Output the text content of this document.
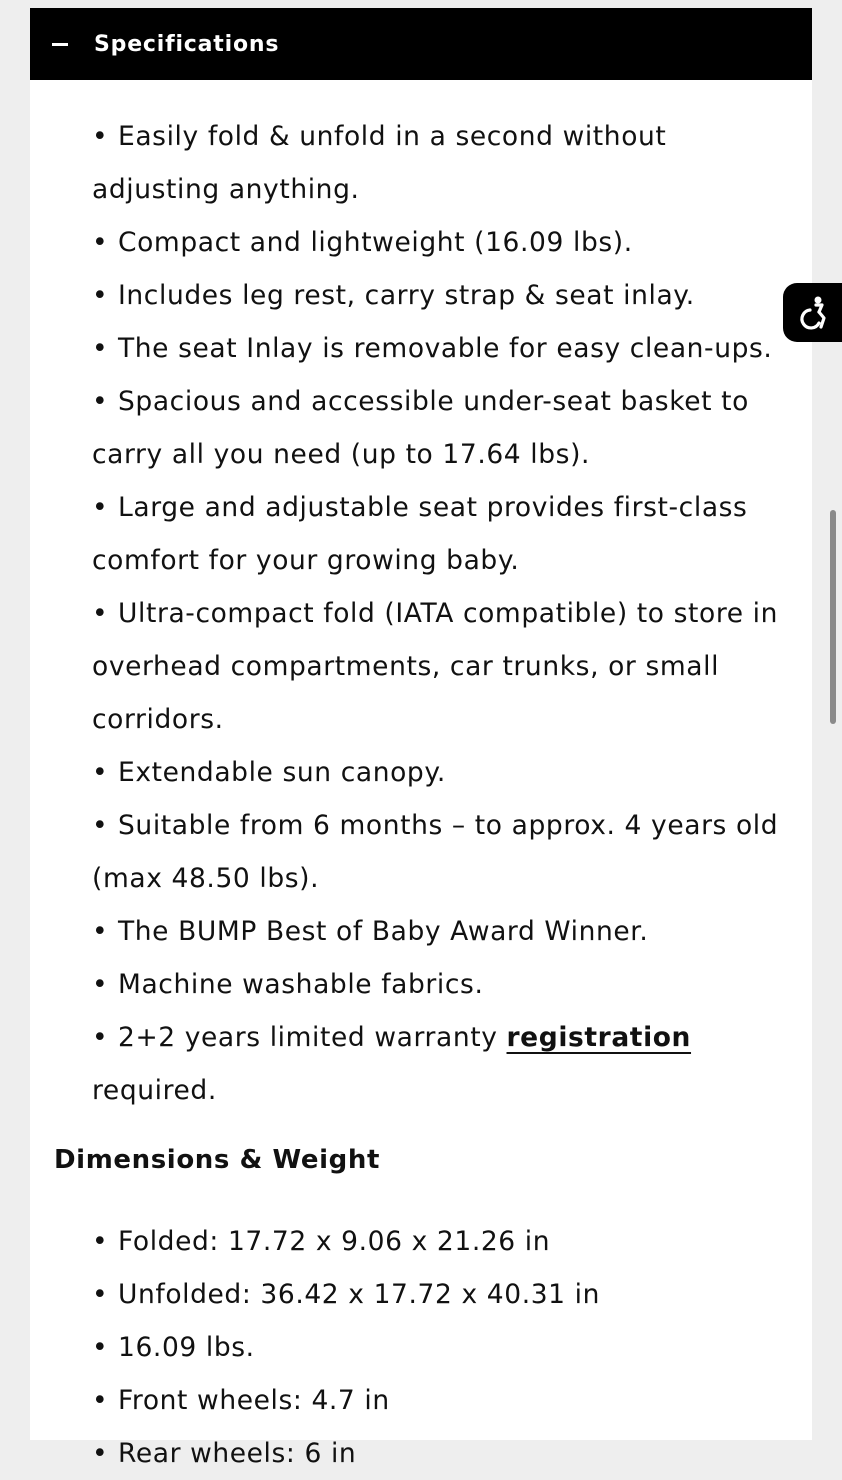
Specifications
• Easily fold & unfold in a second without adjusting anything.
• Compact and lightweight (16.09 lbs).
• Includes leg rest, carry strap & seat inlay.
• The seat Inlay is removable for easy clean-ups.
• Spacious and accessible under-seat basket to carry all you need (up to 17.64 lbs).
• Large and adjustable seat provides first-class comfort for your growing baby.
• Ultra-compact fold (IATA compatible) to store in overhead compartments, car trunks, or small corridors.
• Extendable sun canopy.
• Suitable from 6 months – to approx. 4 years old (max 48.50 lbs).
• The BUMP Best of Baby Award Winner.
• Machine washable fabrics.
• 2+2 years limited warranty registration required.
Dimensions & Weight
• Folded: 17.72 x 9.06 x 21.26 in
• Unfolded: 36.42 x 17.72 x 40.31 in
• 16.09 lbs.
• Front wheels: 4.7 in
• Rear wheels: 6 in
